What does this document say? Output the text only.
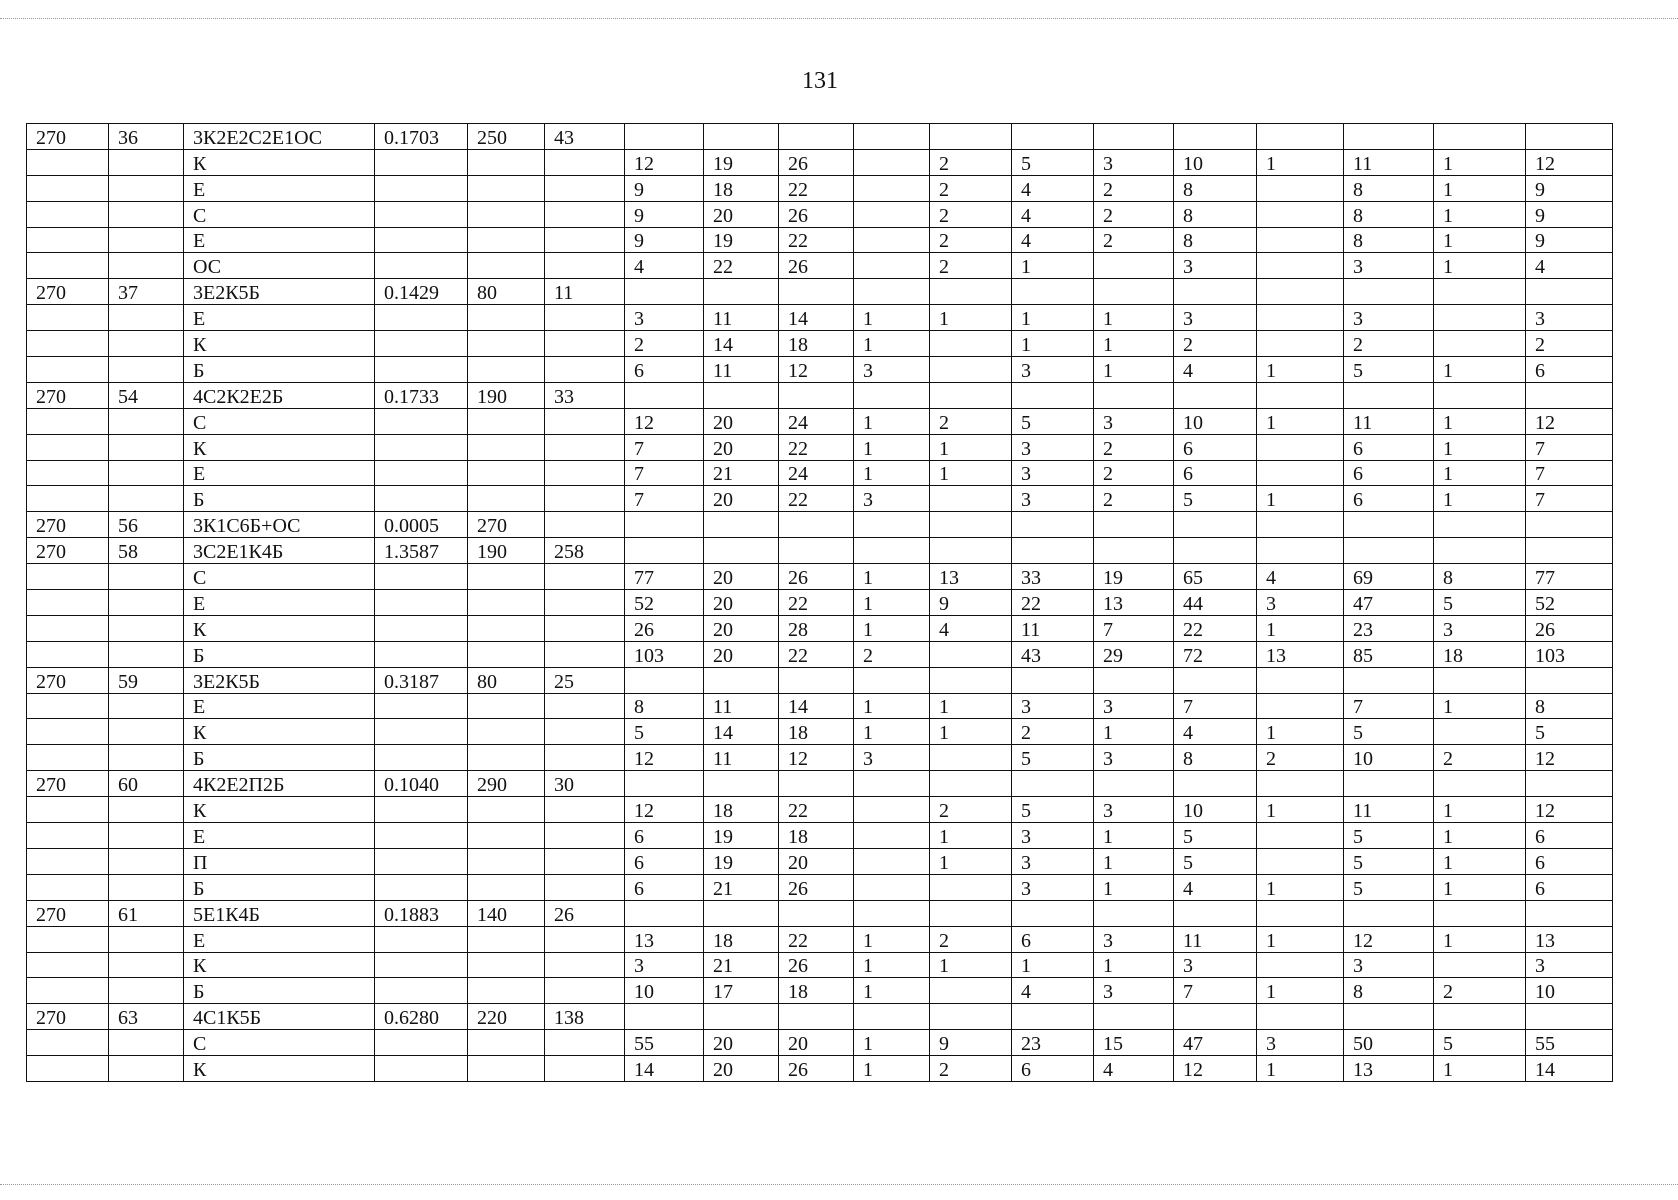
131
270	36	3К2Е2С2Е1ОС	0.1703	250	43												
		К				12	19	26		2	5	3	10	1	11	1	12
		Е				9	18	22		2	4	2	8		8	1	9
		С				9	20	26		2	4	2	8		8	1	9
		Е				9	19	22		2	4	2	8		8	1	9
		ОС				4	22	26		2	1		3		3	1	4
270	37	3Е2К5Б	0.1429	80	11												
		Е				3	11	14	1	1	1	1	3		3		3
		К				2	14	18	1		1	1	2		2		2
		Б				6	11	12	3		3	1	4	1	5	1	6
270	54	4С2К2Е2Б	0.1733	190	33												
		С				12	20	24	1	2	5	3	10	1	11	1	12
		К				7	20	22	1	1	3	2	6		6	1	7
		Е				7	21	24	1	1	3	2	6		6	1	7
		Б				7	20	22	3		3	2	5	1	6	1	7
270	56	3К1С6Б+ОС	0.0005	270													
270	58	3С2Е1К4Б	1.3587	190	258												
		С				77	20	26	1	13	33	19	65	4	69	8	77
		Е				52	20	22	1	9	22	13	44	3	47	5	52
		К				26	20	28	1	4	11	7	22	1	23	3	26
		Б				103	20	22	2		43	29	72	13	85	18	103
270	59	3Е2К5Б	0.3187	80	25												
		Е				8	11	14	1	1	3	3	7		7	1	8
		К				5	14	18	1	1	2	1	4	1	5		5
		Б				12	11	12	3		5	3	8	2	10	2	12
270	60	4К2Е2П2Б	0.1040	290	30												
		К				12	18	22		2	5	3	10	1	11	1	12
		Е				6	19	18		1	3	1	5		5	1	6
		П				6	19	20		1	3	1	5		5	1	6
		Б				6	21	26			3	1	4	1	5	1	6
270	61	5Е1К4Б	0.1883	140	26												
		Е				13	18	22	1	2	6	3	11	1	12	1	13
		К				3	21	26	1	1	1	1	3		3		3
		Б				10	17	18	1		4	3	7	1	8	2	10
270	63	4С1К5Б	0.6280	220	138												
		С				55	20	20	1	9	23	15	47	3	50	5	55
		К				14	20	26	1	2	6	4	12	1	13	1	14
